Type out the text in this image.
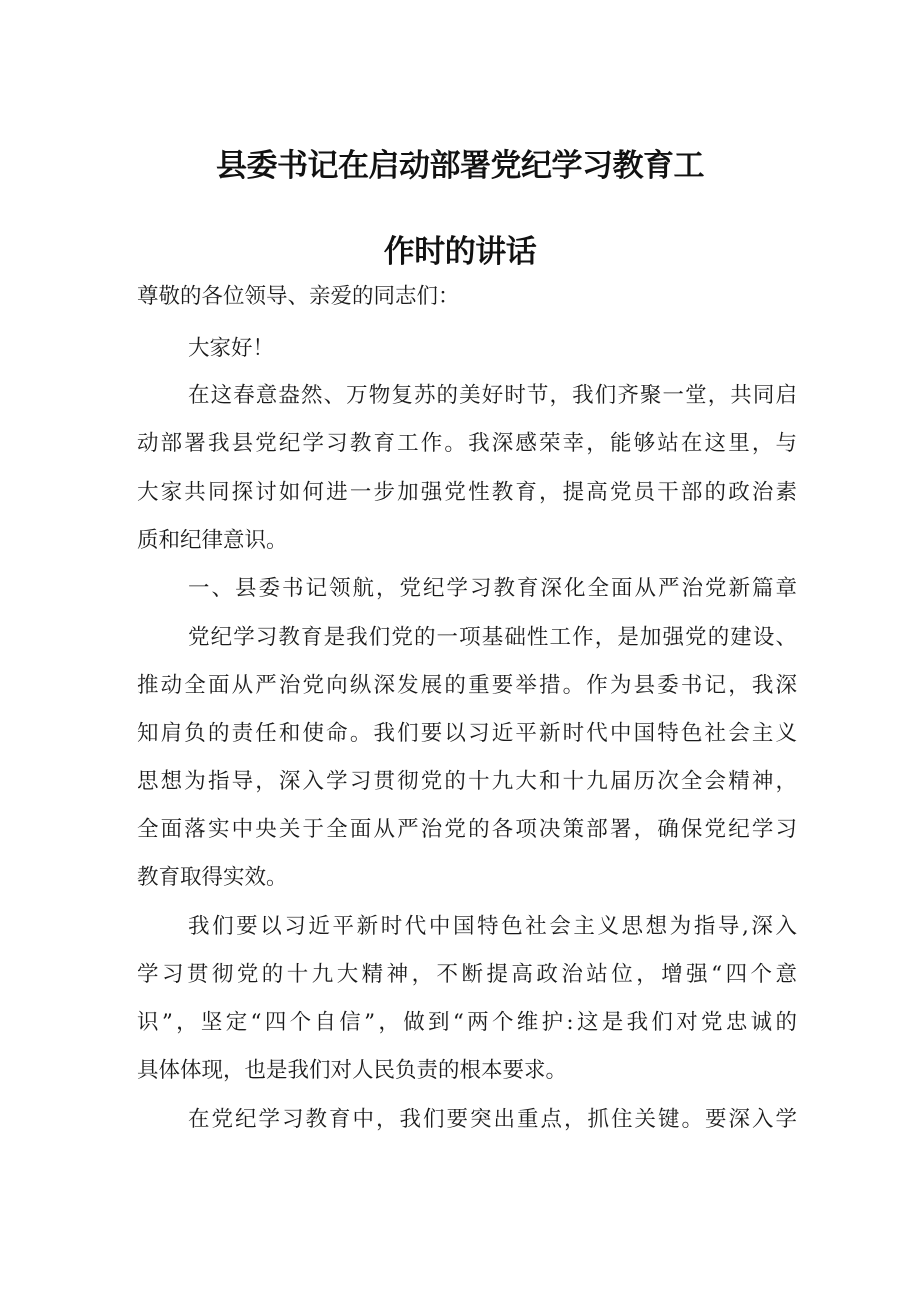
县委书记在启动部署党纪学习教育工
作时的讲话
尊敬的各位领导、亲爱的同志们：
大家好！
在这春意盎然、万物复苏的美好时节，我们齐聚一堂，共同启
动部署我县党纪学习教育工作。我深感荣幸，能够站在这里，与
大家共同探讨如何进一步加强党性教育，提高党员干部的政治素
质和纪律意识。
一、县委书记领航，党纪学习教育深化全面从严治党新篇章
党纪学习教育是我们党的一项基础性工作，是加强党的建设、
推动全面从严治党向纵深发展的重要举措。作为县委书记，我深
知肩负的责任和使命。我们要以习近平新时代中国特色社会主义
思想为指导，深入学习贯彻党的十九大和十九届历次全会精神，
全面落实中央关于全面从严治党的各项决策部署，确保党纪学习
教育取得实效。
我们要以习近平新时代中国特色社会主义思想为指导,深入
学习贯彻党的十九大精神，不断提高政治站位，增强“四个意
识”，坚定“四个自信”，做到“两个维护:这是我们对党忠诚的
具体体现，也是我们对人民负责的根本要求。
在党纪学习教育中，我们要突出重点，抓住关键。要深入学
